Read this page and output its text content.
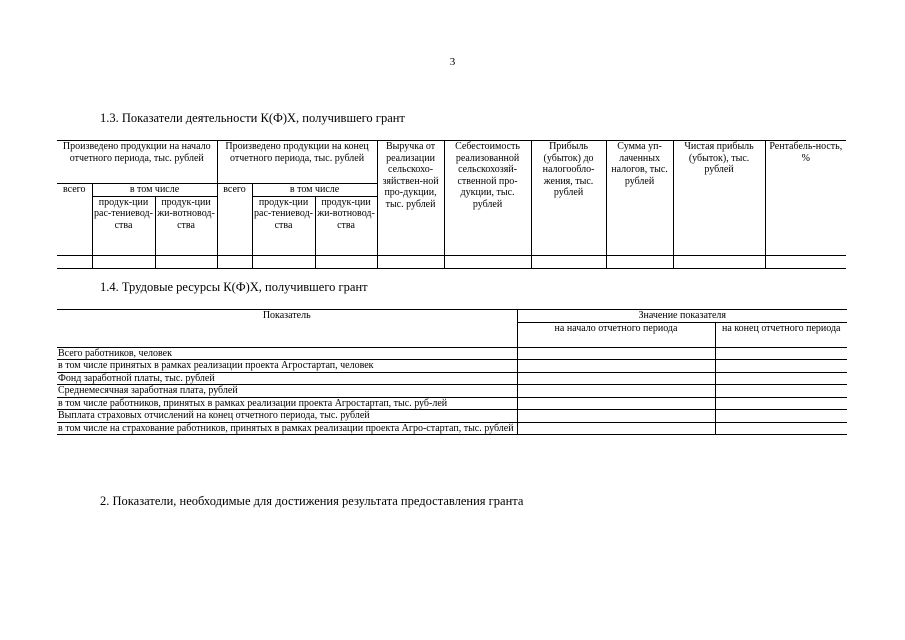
3
1.3. Показатели деятельности К(Ф)Х, получившего грант
Произведено продукции на начало отчетного периода, тыс. рублей			Произведено продукции на конец отчетного периода, тыс. рублей			Выручка от реализации сельскохо-зяйствен-ной про-дукции, тыс. рублей	Себестоимость реализованной сельскохозяй-ственной про-дукции, тыс. рублей	Прибыль (убыток) до налогообло-жения, тыс. рублей	Сумма уп-лаченных налогов, тыс. рублей	Чистая прибыль (убыток), тыс. рублей	Рентабель-ность, %
всего	в том числе		всего	в том числе							
	продук-ции рас-тениевод-ства	продук-ции жи-вотновод-ства		продук-ции рас-тениевод-ства	продук-ции жи-вотновод-ства						

1.4. Трудовые ресурсы К(Ф)Х, получившего грант
Показатель	Значение показателя	
	на начало отчетного периода	на конец отчетного периода
Всего работников, человек		
в том числе принятых в рамках реализации проекта Агростартап, человек		
Фонд заработной платы, тыс. рублей		
Среднемесячная заработная плата, рублей		
в том числе работников, принятых в рамках реализации проекта Агростартап, тыс. руб-лей		
Выплата страховых отчислений на конец отчетного периода, тыс. рублей		
в том числе на страхование работников, принятых в рамках реализации проекта Агро-стартап, тыс. рублей		
2. Показатели, необходимые для достижения результата предоставления гранта
